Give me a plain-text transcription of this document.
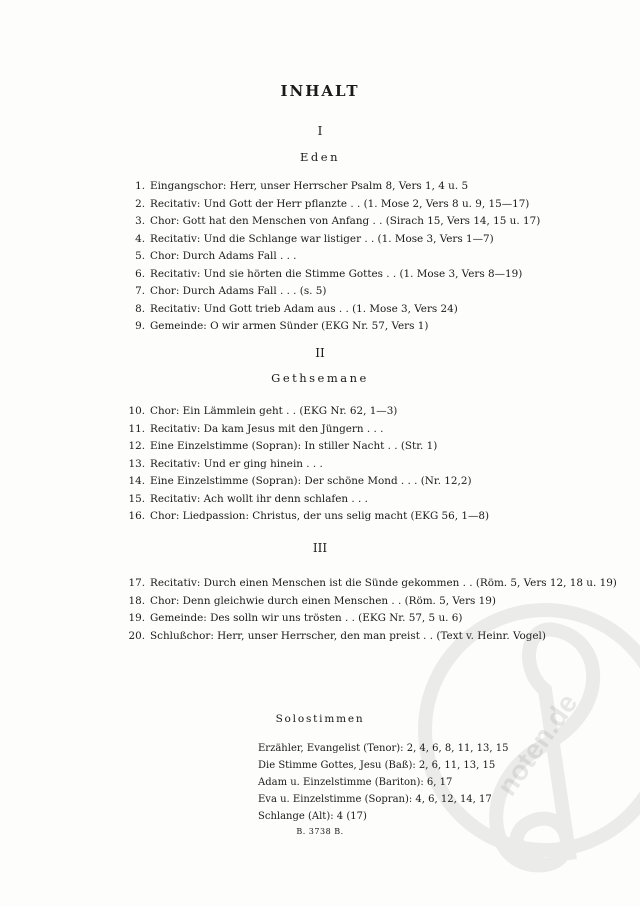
INHALT
I
Eden
1. Eingangschor: Herr, unser Herrscher Psalm 8, Vers 1, 4 u. 5
2. Recitativ: Und Gott der Herr pflanzte . . (1. Mose 2, Vers 8 u. 9, 15—17)
3. Chor: Gott hat den Menschen von Anfang . . (Sirach 15, Vers 14, 15 u. 17)
4. Recitativ: Und die Schlange war listiger . . (1. Mose 3, Vers 1—7)
5. Chor: Durch Adams Fall . . .
6. Recitativ: Und sie hörten die Stimme Gottes . . (1. Mose 3, Vers 8—19)
7. Chor: Durch Adams Fall . . . (s. 5)
8. Recitativ: Und Gott trieb Adam aus . . (1. Mose 3, Vers 24)
9. Gemeinde: O wir armen Sünder (EKG Nr. 57, Vers 1)
II
Gethsemane
10. Chor: Ein Lämmlein geht . . (EKG Nr. 62, 1—3)
11. Recitativ: Da kam Jesus mit den Jüngern . . .
12. Eine Einzelstimme (Sopran): In stiller Nacht . . (Str. 1)
13. Recitativ: Und er ging hinein . . .
14. Eine Einzelstimme (Sopran): Der schöne Mond . . . (Nr. 12,2)
15. Recitativ: Ach wollt ihr denn schlafen . . .
16. Chor: Liedpassion: Christus, der uns selig macht (EKG 56, 1—8)
III
17. Recitativ: Durch einen Menschen ist die Sünde gekommen . . (Röm. 5, Vers 12, 18 u. 19)
18. Chor: Denn gleichwie durch einen Menschen . . (Röm. 5, Vers 19)
19. Gemeinde: Des solln wir uns trösten . . (EKG Nr. 57, 5 u. 6)
20. Schlußchor: Herr, unser Herrscher, den man preist . . (Text v. Heinr. Vogel)
noten.de
Solostimmen
Erzähler, Evangelist (Tenor): 2, 4, 6, 8, 11, 13, 15
Die Stimme Gottes, Jesu (Baß): 2, 6, 11, 13, 15
Adam u. Einzelstimme (Bariton): 6, 17
Eva u. Einzelstimme (Sopran): 4, 6, 12, 14, 17
Schlange (Alt): 4 (17)
B. 3738 B.
